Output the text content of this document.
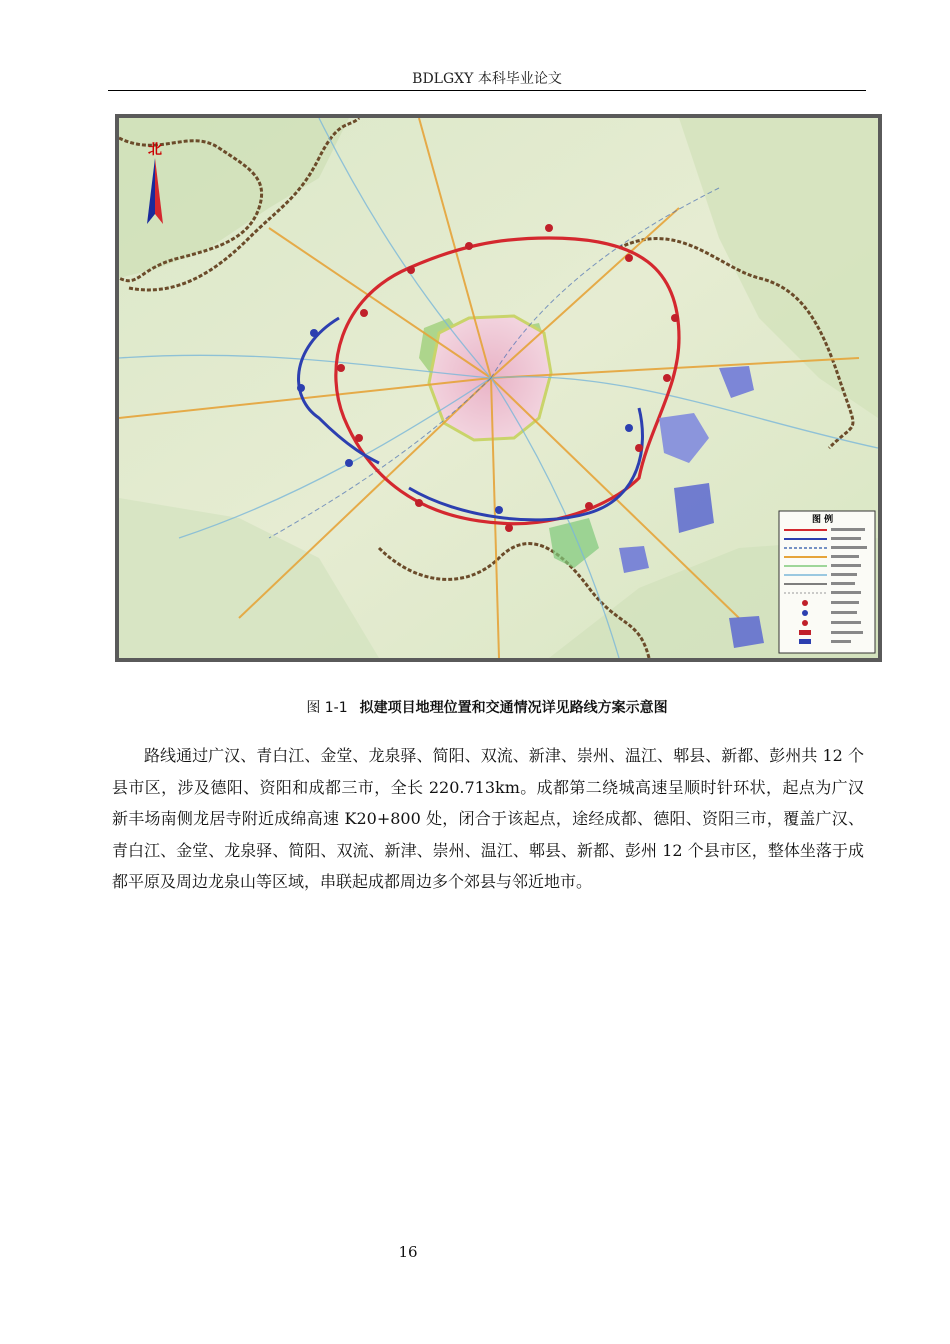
BDLGXY 本科毕业论文
北
图 例
图 1-1 拟建项目地理位置和交通情况详见路线方案示意图

路线通过广汉、青白江、金堂、龙泉驿、简阳、双流、新津、崇州、温江、郫县、新都、彭州共 12 个县市区，涉及德阳、资阳和成都三市，全长 220.713km。成都第二绕城高速呈顺时针环状，起点为广汉新丰场南侧龙居寺附近成绵高速 K20+800 处，闭合于该起点，途经成都、德阳、资阳三市，覆盖广汉、青白江、金堂、龙泉驿、简阳、双流、新津、崇州、温江、郫县、新都、彭州 12 个县市区，整体坐落于成都平原及周边龙泉山等区域，串联起成都周边多个郊县与邻近地市。

16
